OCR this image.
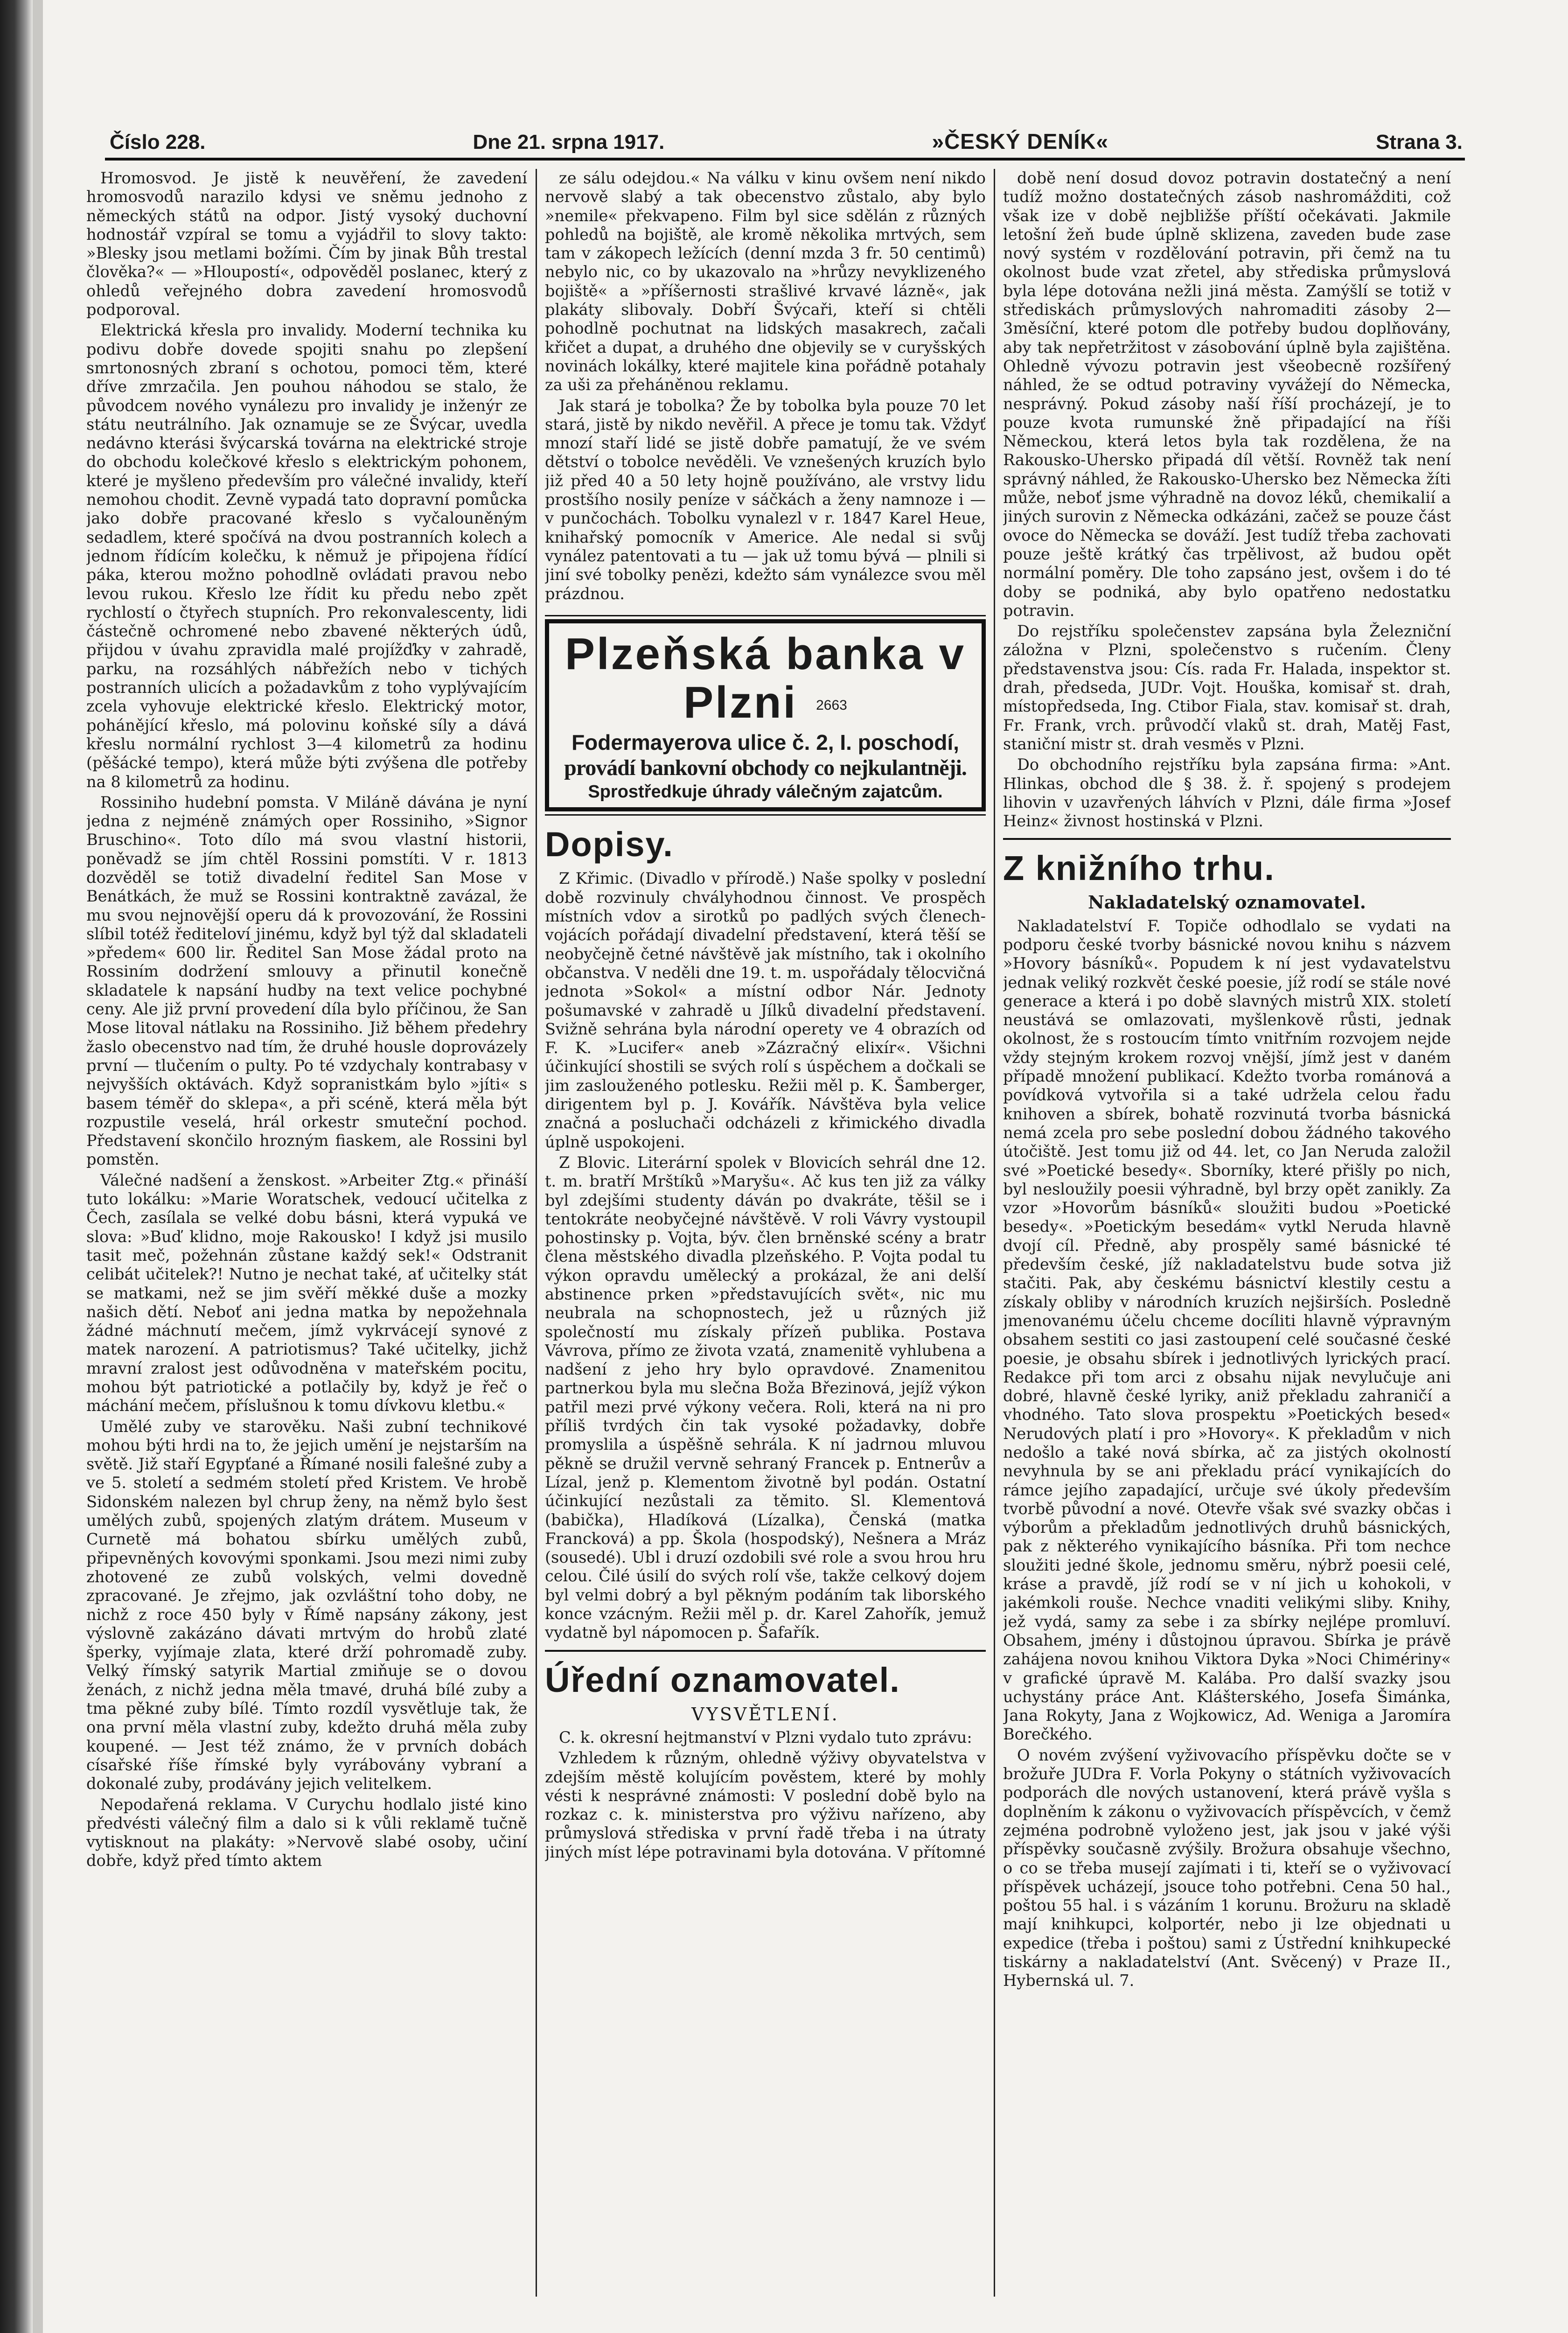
Číslo 228.	Dne 21. srpna 1917.	»ČESKÝ DENÍK«	Strana 3.

Hromosvod. Je jistě k neuvěření, že zavedení hromosvodů narazilo kdysi ve sněmu jednoho z německých států na odpor. Jistý vysoký duchovní hodnostář vzpíral se tomu a vyjádřil to slovy takto: »Blesky jsou metlami božími. Čím by jinak Bůh trestal člověka?« — »Hloupostí«, odpověděl poslanec, který z ohledů veřejného dobra zavedení hromosvodů podporoval.

Elektrická křesla pro invalidy. Moderní technika ku podivu dobře dovede spojiti snahu po zlepšení smrtonosných zbraní s ochotou, pomoci těm, které dříve zmrzačila. Jen pouhou náhodou se stalo, že původcem nového vynálezu pro invalidy je inženýr ze státu neutrálního. Jak oznamuje se ze Švýcar, uvedla nedávno kterási švýcarská továrna na elektrické stroje do obchodu kolečkové křeslo s elektrickým pohonem, které je myšleno především pro válečné invalidy, kteří nemohou chodit. Zevně vypadá tato dopravní pomůcka jako dobře pracované křeslo s vyčalouněným sedadlem, které spočívá na dvou postranních kolech a jednom řídícím kolečku, k němuž je připojena řídící páka, kterou možno pohodlně ovládati pravou nebo levou rukou. Křeslo lze řídit ku předu nebo zpět rychlostí o čtyřech stupních. Pro rekonvalescenty, lidi částečně ochromené nebo zbavené některých údů, přijdou v úvahu zpravidla malé projížďky v zahradě, parku, na rozsáhlých nábřežích nebo v tichých postranních ulicích a požadavkům z toho vyplývajícím zcela vyhovuje elektrické křeslo. Elektrický motor, pohánějící křeslo, má polovinu koňské síly a dává křeslu normální rychlost 3—4 kilometrů za hodinu (pěšácké tempo), která může býti zvýšena dle potřeby na 8 kilometrů za hodinu.

Rossiniho hudební pomsta. V Miláně dávána je nyní jedna z nejméně známých oper Rossiniho, »Signor Bruschino«. Toto dílo má svou vlastní historii, poněvadž se jím chtěl Rossini pomstíti. V r. 1813 dozvěděl se totiž divadelní ředitel San Mose v Benátkách, že muž se Rossini kontraktně zavázal, že mu svou nejnovější operu dá k provozování, že Rossini slíbil totéž řediteloví jinému, když byl týž dal skladateli »předem« 600 lir. Ředitel San Mose žádal proto na Rossiním dodržení smlouvy a přinutil konečně skladatele k napsání hudby na text velice pochybné ceny. Ale již první provedení díla bylo příčinou, že San Mose litoval nátlaku na Rossiniho. Již během předehry žaslo obecenstvo nad tím, že druhé housle doprovázely první — tlučením o pulty. Po té vzdychaly kontrabasy v nejvyšších oktávách. Když sopranistkám bylo »jíti« s basem téměř do sklepa«, a při scéně, která měla být rozpustile veselá, hrál orkestr smuteční pochod. Představení skončilo hrozným fiaskem, ale Rossini byl pomstěn.

Válečné nadšení a ženskost. »Arbeiter Ztg.« přináší tuto lokálku: »Marie Woratschek, vedoucí učitelka z Čech, zasílala se velké dobu básni, která vypuká ve slova: »Buď klidno, moje Rakousko! I když jsi musilo tasit meč, požehnán zůstane každý sek!« Odstranit celibát učitelek?! Nutno je nechat také, ať učitelky stát se matkami, než se jim svěří měkké duše a mozky našich dětí. Neboť ani jedna matka by nepožehnala žádné máchnutí mečem, jímž vykrvácejí synové z matek narození. A patriotismus? Také učitelky, jichž mravní zralost jest odůvodněna v mateřském pocitu, mohou být patriotické a potlačily by, když je řeč o máchání mečem, příslušnou k tomu dívkovu kletbu.«

Umělé zuby ve starověku. Naši zubní technikové mohou býti hrdi na to, že jejich umění je nejstarším na světě. Již staří Egypťané a Římané nosili falešné zuby a ve 5. století a sedmém století před Kristem. Ve hrobě Sidonském nalezen byl chrup ženy, na němž bylo šest umělých zubů, spojených zlatým drátem. Museum v Curnetě má bohatou sbírku umělých zubů, připevněných kovovými sponkami. Jsou mezi nimi zuby zhotovené ze zubů volských, velmi dovedně zpracované. Je zřejmo, jak ozvláštní toho doby, ne nichž z roce 450 byly v Římě napsány zákony, jest výslovně zakázáno dávati mrtvým do hrobů zlaté šperky, vyjímaje zlata, které drží pohromadě zuby. Velký římský satyrik Martial zmiňuje se o dovou ženách, z nichž jedna měla tmavé, druhá bílé zuby a tma pěkné zuby bílé. Tímto rozdíl vysvětluje tak, že ona první měla vlastní zuby, kdežto druhá měla zuby koupené. — Jest též známo, že v prvních dobách císařské říše římské byly vyrábovány vybraní a dokonalé zuby, prodávány jejich velitelkem.

Nepodařená reklama. V Curychu hodlalo jisté kino předvésti válečný film a dalo si k vůli reklamě tučně vytisknout na plakáty: »Nervově slabé osoby, učiní dobře, když před tímto aktem

ze sálu odejdou.« Na válku v kinu ovšem není nikdo nervově slabý a tak obecenstvo zůstalo, aby bylo »nemile« překvapeno. Film byl sice sdělán z různých pohledů na bojiště, ale kromě několika mrtvých, sem tam v zákopech ležících (denní mzda 3 fr. 50 centimů) nebylo nic, co by ukazovalo na »hrůzy nevyklizeného bojiště« a »příšernosti strašlivé krvavé lázně«, jak plakáty slibovaly. Dobří Švýcaři, kteří si chtěli pohodlně pochutnat na lidských masakrech, začali křičet a dupat, a druhého dne objevily se v curyšských novinách lokálky, které majitele kina pořádně potahaly za uši za přeháněnou reklamu.

Jak stará je tobolka? Že by tobolka byla pouze 70 let stará, jistě by nikdo nevěřil. A přece je tomu tak. Vždyť mnozí staří lidé se jistě dobře pamatují, že ve svém dětství o tobolce nevěděli. Ve vznešených kruzích bylo již před 40 a 50 lety hojně používáno, ale vrstvy lidu prostšího nosily peníze v sáčkách a ženy namnoze i — v punčochách. Tobolku vynalezl v r. 1847 Karel Heue, knihařský pomocník v Americe. Ale nedal si svůj vynález patentovati a tu — jak už tomu bývá — plnili si jiní své tobolky penězi, kdežto sám vynálezce svou měl prázdnou.

Plzeňská banka v Plzni 2663
Fodermayerova ulice č. 2, I. poschodí,
provádí bankovní obchody co nejkulantněji.
Sprostředkuje úhrady válečným zajatcům.
Dopisy.

Z Křimic. (Divadlo v přírodě.) Naše spolky v poslední době rozvinuly chvályhodnou činnost. Ve prospěch místních vdov a sirotků po padlých svých členech-vojácích pořádají divadelní představení, která těší se neobyčejně četné návštěvě jak místního, tak i okolního občanstva. V neděli dne 19. t. m. uspořádaly tělocvičná jednota »Sokol« a místní odbor Nár. Jednoty pošumavské v zahradě u Jílků divadelní představení. Svižně sehrána byla národní operety ve 4 obrazích od F. K. »Lucifer« aneb »Zázračný elixír«. Všichni účinkující shostili se svých rolí s úspěchem a dočkali se jim zaslouženého potlesku. Režii měl p. K. Šamberger, dirigentem byl p. J. Kovářík. Návštěva byla velice značná a posluchači odcházeli z křimického divadla úplně uspokojeni.

Z Blovic. Literární spolek v Blovicích sehrál dne 12. t. m. bratří Mrštíků »Maryšu«. Ač kus ten již za války byl zdejšími studenty dáván po dvakráte, těšil se i tentokráte neobyčejné návštěvě. V roli Vávry vystoupil pohostinsky p. Vojta, býv. člen brněnské scény a bratr člena městského divadla plzeňského. P. Vojta podal tu výkon opravdu umělecký a prokázal, že ani delší abstinence prken »představujících svět«, nic mu neubrala na schopnostech, jež u různých již společností mu získaly přízeň publika. Postava Vávrova, přímo ze života vzatá, znamenitě vyhlubena a nadšení z jeho hry bylo opravdové. Znamenitou partnerkou byla mu slečna Boža Březinová, jejíž výkon patřil mezi prvé výkony večera. Roli, která na ni pro příliš tvrdých čin tak vysoké požadavky, dobře promyslila a úspěšně sehrála. K ní jadrnou mluvou pěkně se družil vervně sehraný Francek p. Entnerův a Lízal, jenž p. Klementom životně byl podán. Ostatní účinkující nezůstali za těmito. Sl. Klementová (babička), Hladíková (Lízalka), Čenská (matka Francková) a pp. Škola (hospodský), Nešnera a Mráz (sousedé). Ubl i druzí ozdobili své role a svou hrou hru celou. Čilé úsilí do svých rolí vše, takže celkový dojem byl velmi dobrý a byl pěkným podáním tak liborského konce vzácným. Režii měl p. dr. Karel Zahořík, jemuž vydatně byl nápomocen p. Šafařík.

Úřední oznamovatel.

VYSVĚTLENÍ.

C. k. okresní hejtmanství v Plzni vydalo tuto zprávu:

Vzhledem k různým, ohledně výživy obyvatelstva v zdejším městě kolujícím pověstem, které by mohly vésti k nesprávné známosti: V poslední době bylo na rozkaz c. k. ministerstva pro výživu nařízeno, aby průmyslová střediska v první řadě třeba i na útraty jiných míst lépe potravinami byla dotována. V přítomné

době není dosud dovoz potravin dostatečný a není tudíž možno dostatečných zásob nashromážditi, což však ize v době nejbližše příští očekávati. Jakmile letošní žeň bude úplně sklizena, zaveden bude zase nový systém v rozdělování potravin, při čemž na tu okolnost bude vzat zřetel, aby střediska průmyslová byla lépe dotována nežli jiná města. Zamýšlí se totiž v střediskách průmyslových nahromaditi zásoby 2—3měsíční, které potom dle potřeby budou doplňovány, aby tak nepřetržitost v zásobování úplně byla zajištěna. Ohledně vývozu potravin jest všeobecně rozšířený náhled, že se odtud potraviny vyvážejí do Německa, nesprávný. Pokud zásoby naší říší procházejí, je to pouze kvota rumunské žně připadající na říši Německou, která letos byla tak rozdělena, že na Rakousko-Uhersko připadá díl větší. Rovněž tak není správný náhled, že Rakousko-Uhersko bez Německa žíti může, neboť jsme výhradně na dovoz léků, chemikalií a jiných surovin z Německa odkázáni, začež se pouze část ovoce do Německa se dováží. Jest tudíž třeba zachovati pouze ještě krátký čas trpělivost, až budou opět normální poměry. Dle toho zapsáno jest, ovšem i do té doby se podniká, aby bylo opatřeno nedostatku potravin.

Do rejstříku společenstev zapsána byla Železniční záložna v Plzni, společenstvo s ručením. Členy představenstva jsou: Cís. rada Fr. Halada, inspektor st. drah, předseda, JUDr. Vojt. Houška, komisař st. drah, místopředseda, Ing. Ctibor Fiala, stav. komisař st. drah, Fr. Frank, vrch. průvodčí vlaků st. drah, Matěj Fast, staniční mistr st. drah vesměs v Plzni.

Do obchodního rejstříku byla zapsána firma: »Ant. Hlinkas, obchod dle § 38. ž. ř. spojený s prodejem lihovin v uzavřených láhvích v Plzni, dále firma »Josef Heinz« živnost hostinská v Plzni.

Z knižního trhu.

Nakladatelský oznamovatel.

Nakladatelství F. Topiče odhodlalo se vydati na podporu české tvorby básnické novou knihu s názvem »Hovory básníků«. Popudem k ní jest vydavatelstvu jednak veliký rozkvět české poesie, jíž rodí se stále nové generace a která i po době slavných mistrů XIX. století neustává se omlazovati, myšlenkově růsti, jednak okolnost, že s rostoucím tímto vnitřním rozvojem nejde vždy stejným krokem rozvoj vnější, jímž jest v daném případě množení publikací. Kdežto tvorba románová a povídková vytvořila si a také udržela celou řadu knihoven a sbírek, bohatě rozvinutá tvorba básnická nemá zcela pro sebe poslední dobou žádného takového útočiště. Jest tomu již od 44. let, co Jan Neruda založil své »Poetické besedy«. Sborníky, které přišly po nich, byl nesloužily poesii výhradně, byl brzy opět zanikly. Za vzor »Hovorům básníků« sloužiti budou »Poetické besedy«. »Poetickým besedám« vytkl Neruda hlavně dvojí cíl. Předně, aby prospěly samé básnické té především české, jíž nakladatelstvu bude sotva již stačiti. Pak, aby českému básnictví klestily cestu a získaly obliby v národních kruzích nejširších. Posledně jmenovanému účelu chceme docíliti hlavně výpravným obsahem sestiti co jasi zastoupení celé současné české poesie, je obsahu sbírek i jednotlivých lyrických prací. Redakce při tom arci z obsahu nijak nevylučuje ani dobré, hlavně české lyriky, aniž překladu zahraničí a vhodného. Tato slova prospektu »Poetických besed« Nerudových platí i pro »Hovory«. K překladům v nich nedošlo a také nová sbírka, ač za jistých okolností nevyhnula by se ani překladu prácí vynikajících do rámce jejího zapadající, určuje své úkoly především tvorbě původní a nové. Otevře však své svazky občas i výborům a překladům jednotlivých druhů básnických, pak z některého vynikajícího básníka. Při tom nechce sloužiti jedné škole, jednomu směru, nýbrž poesii celé, kráse a pravdě, jíž rodí se v ní jich u kohokoli, v jakémkoli rouše. Nechce vnaditi velikými sliby. Knihy, jež vydá, samy za sebe i za sbírky nejlépe promluví. Obsahem, jmény i důstojnou úpravou. Sbírka je právě zahájena novou knihou Viktora Dyka »Noci Chimériny« v grafické úpravě M. Kalába. Pro další svazky jsou uchystány práce Ant. Klášterského, Josefa Šimánka, Jana Rokyty, Jana z Wojkowicz, Ad. Weniga a Jaromíra Borečkého.

O novém zvýšení vyživovacího příspěvku dočte se v brožuře JUDra F. Vorla Pokyny o státních vyživovacích podporách dle nových ustanovení, která právě vyšla s doplněním k zákonu o vyživovacích příspěvcích, v čemž zejména podrobně vyloženo jest, jak jsou v jaké výši příspěvky současně zvýšily. Brožura obsahuje všechno, o co se třeba musejí zajímati i ti, kteří se o vyživovací příspěvek ucházejí, jsouce toho potřebni. Cena 50 hal., poštou 55 hal. i s vázáním 1 korunu. Brožuru na skladě mají knihkupci, kolportér, nebo ji lze objednati u expedice (třeba i poštou) sami z Ústřední knihkupecké tiskárny a nakladatelství (Ant. Svěcený) v Praze II., Hybernská ul. 7.
